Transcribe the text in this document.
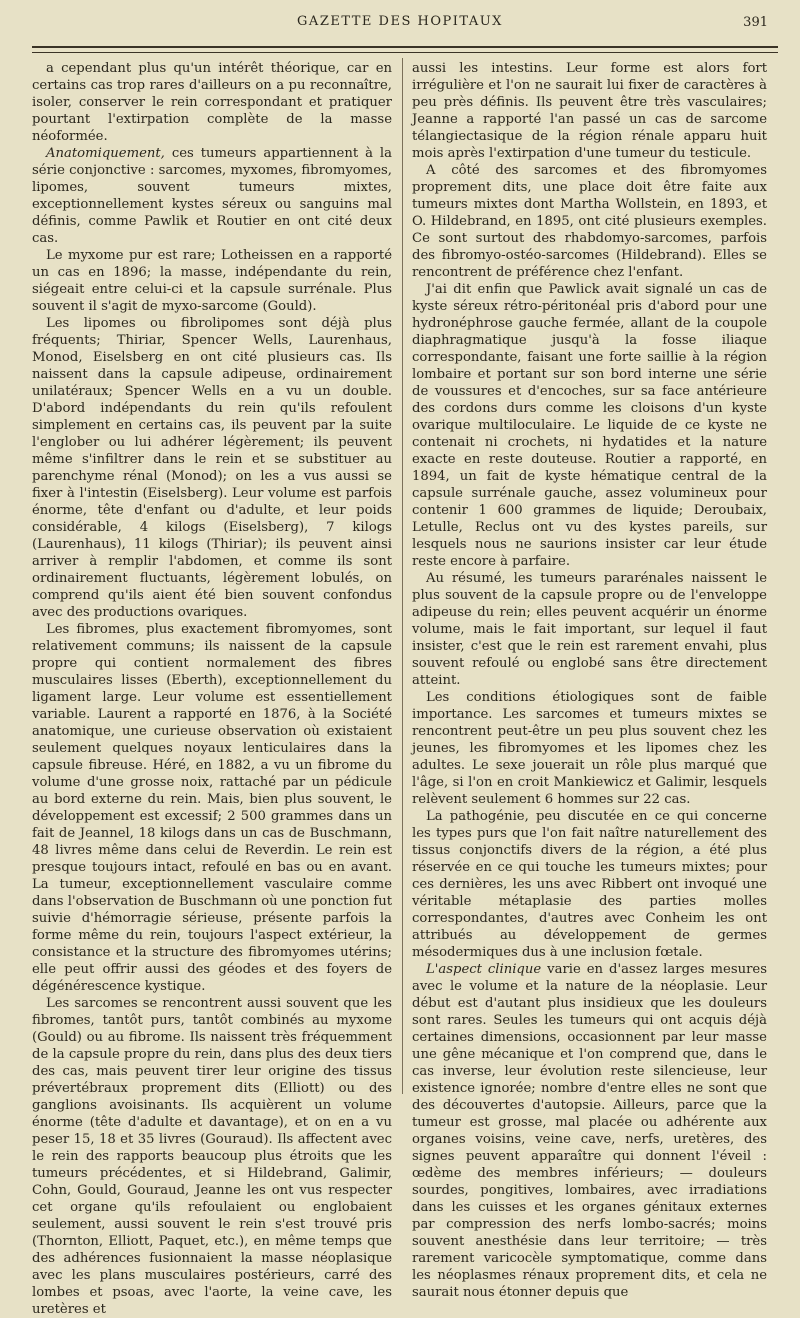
GAZETTE DES HOPITAUX	391

a cependant plus qu'un intérêt théorique, car en certains cas trop rares d'ailleurs on a pu reconnaître, isoler, conserver le rein correspondant et pratiquer pourtant l'extirpation complète de la masse néoformée.

Anatomiquement, ces tumeurs appartiennent à la série conjonctive : sarcomes, myxomes, fibromyomes, lipomes, souvent tumeurs mixtes, exceptionnellement kystes séreux ou sanguins mal définis, comme Pawlik et Routier en ont cité deux cas.

Le myxome pur est rare; Lotheissen en a rapporté un cas en 1896; la masse, indépendante du rein, siégeait entre celui-ci et la capsule surrénale. Plus souvent il s'agit de myxo-sarcome (Gould).

Les lipomes ou fibrolipomes sont déjà plus fréquents; Thiriar, Spencer Wells, Laurenhaus, Monod, Eiselsberg en ont cité plusieurs cas. Ils naissent dans la capsule adipeuse, ordinairement unilatéraux; Spencer Wells en a vu un double. D'abord indépendants du rein qu'ils refoulent simplement en certains cas, ils peuvent par la suite l'englober ou lui adhérer légèrement; ils peuvent même s'infiltrer dans le rein et se substituer au parenchyme rénal (Monod); on les a vus aussi se fixer à l'intestin (Eiselsberg). Leur volume est parfois énorme, tête d'enfant ou d'adulte, et leur poids considérable, 4 kilogs (Eiselsberg), 7 kilogs (Laurenhaus), 11 kilogs (Thiriar); ils peuvent ainsi arriver à remplir l'abdomen, et comme ils sont ordinairement fluctuants, légèrement lobulés, on comprend qu'ils aient été bien souvent confondus avec des productions ovariques.

Les fibromes, plus exactement fibromyomes, sont relativement communs; ils naissent de la capsule propre qui contient normalement des fibres musculaires lisses (Eberth), exceptionnellement du ligament large. Leur volume est essentiellement variable. Laurent a rapporté en 1876, à la Société anatomique, une curieuse observation où existaient seulement quelques noyaux lenticulaires dans la capsule fibreuse. Héré, en 1882, a vu un fibrome du volume d'une grosse noix, rattaché par un pédicule au bord externe du rein. Mais, bien plus souvent, le développement est excessif; 2 500 grammes dans un fait de Jeannel, 18 kilogs dans un cas de Buschmann, 48 livres même dans celui de Reverdin. Le rein est presque toujours intact, refoulé en bas ou en avant. La tumeur, exceptionnellement vasculaire comme dans l'observation de Buschmann où une ponction fut suivie d'hémorragie sérieuse, présente parfois la forme même du rein, toujours l'aspect extérieur, la consistance et la structure des fibromyomes utérins; elle peut offrir aussi des géodes et des foyers de dégénérescence kystique.

Les sarcomes se rencontrent aussi souvent que les fibromes, tantôt purs, tantôt combinés au myxome (Gould) ou au fibrome. Ils naissent très fréquemment de la capsule propre du rein, dans plus des deux tiers des cas, mais peuvent tirer leur origine des tissus prévertébraux proprement dits (Elliott) ou des ganglions avoisinants. Ils acquièrent un volume énorme (tête d'adulte et davantage), et on en a vu peser 15, 18 et 35 livres (Gouraud). Ils affectent avec le rein des rapports beaucoup plus étroits que les tumeurs précédentes, et si Hildebrand, Galimir, Cohn, Gould, Gouraud, Jeanne les ont vus respecter cet organe qu'ils refoulaient ou englobaient seulement, aussi souvent le rein s'est trouvé pris (Thornton, Elliott, Paquet, etc.), en même temps que des adhérences fusionnaient la masse néoplasique avec les plans musculaires postérieurs, carré des lombes et psoas, avec l'aorte, la veine cave, les uretères et

aussi les intestins. Leur forme est alors fort irrégulière et l'on ne saurait lui fixer de caractères à peu près définis. Ils peuvent être très vasculaires; Jeanne a rapporté l'an passé un cas de sarcome télangiectasique de la région rénale apparu huit mois après l'extirpation d'une tumeur du testicule.

A côté des sarcomes et des fibromyomes proprement dits, une place doit être faite aux tumeurs mixtes dont Martha Wollstein, en 1893, et O. Hildebrand, en 1895, ont cité plusieurs exemples. Ce sont surtout des rhabdomyo-sarcomes, parfois des fibromyo-ostéo-sarcomes (Hildebrand). Elles se rencontrent de préférence chez l'enfant.

J'ai dit enfin que Pawlick avait signalé un cas de kyste séreux rétro-péritonéal pris d'abord pour une hydronéphrose gauche fermée, allant de la coupole diaphragmatique jusqu'à la fosse iliaque correspondante, faisant une forte saillie à la région lombaire et portant sur son bord interne une série de voussures et d'encoches, sur sa face antérieure des cordons durs comme les cloisons d'un kyste ovarique multiloculaire. Le liquide de ce kyste ne contenait ni crochets, ni hydatides et la nature exacte en reste douteuse. Routier a rapporté, en 1894, un fait de kyste hématique central de la capsule surrénale gauche, assez volumineux pour contenir 1 600 grammes de liquide; Deroubaix, Letulle, Reclus ont vu des kystes pareils, sur lesquels nous ne saurions insister car leur étude reste encore à parfaire.

Au résumé, les tumeurs pararénales naissent le plus souvent de la capsule propre ou de l'enveloppe adipeuse du rein; elles peuvent acquérir un énorme volume, mais le fait important, sur lequel il faut insister, c'est que le rein est rarement envahi, plus souvent refoulé ou englobé sans être directement atteint.

Les conditions étiologiques sont de faible importance. Les sarcomes et tumeurs mixtes se rencontrent peut-être un peu plus souvent chez les jeunes, les fibromyomes et les lipomes chez les adultes. Le sexe jouerait un rôle plus marqué que l'âge, si l'on en croit Mankiewicz et Galimir, lesquels relèvent seulement 6 hommes sur 22 cas.

La pathogénie, peu discutée en ce qui concerne les types purs que l'on fait naître naturellement des tissus conjonctifs divers de la région, a été plus réservée en ce qui touche les tumeurs mixtes; pour ces dernières, les uns avec Ribbert ont invoqué une véritable métaplasie des parties molles correspondantes, d'autres avec Conheim les ont attribués au développement de germes mésodermiques dus à une inclusion fœtale.

L'aspect clinique varie en d'assez larges mesures avec le volume et la nature de la néoplasie. Leur début est d'autant plus insidieux que les douleurs sont rares. Seules les tumeurs qui ont acquis déjà certaines dimensions, occasionnent par leur masse une gêne mécanique et l'on comprend que, dans le cas inverse, leur évolution reste silencieuse, leur existence ignorée; nombre d'entre elles ne sont que des découvertes d'autopsie. Ailleurs, parce que la tumeur est grosse, mal placée ou adhérente aux organes voisins, veine cave, nerfs, uretères, des signes peuvent apparaître qui donnent l'éveil : œdème des membres inférieurs; — douleurs sourdes, pongitives, lombaires, avec irradiations dans les cuisses et les organes génitaux externes par compression des nerfs lombo-sacrés; moins souvent anesthésie dans leur territoire; — très rarement varicocèle symptomatique, comme dans les néoplasmes rénaux proprement dits, et cela ne saurait nous étonner depuis que
